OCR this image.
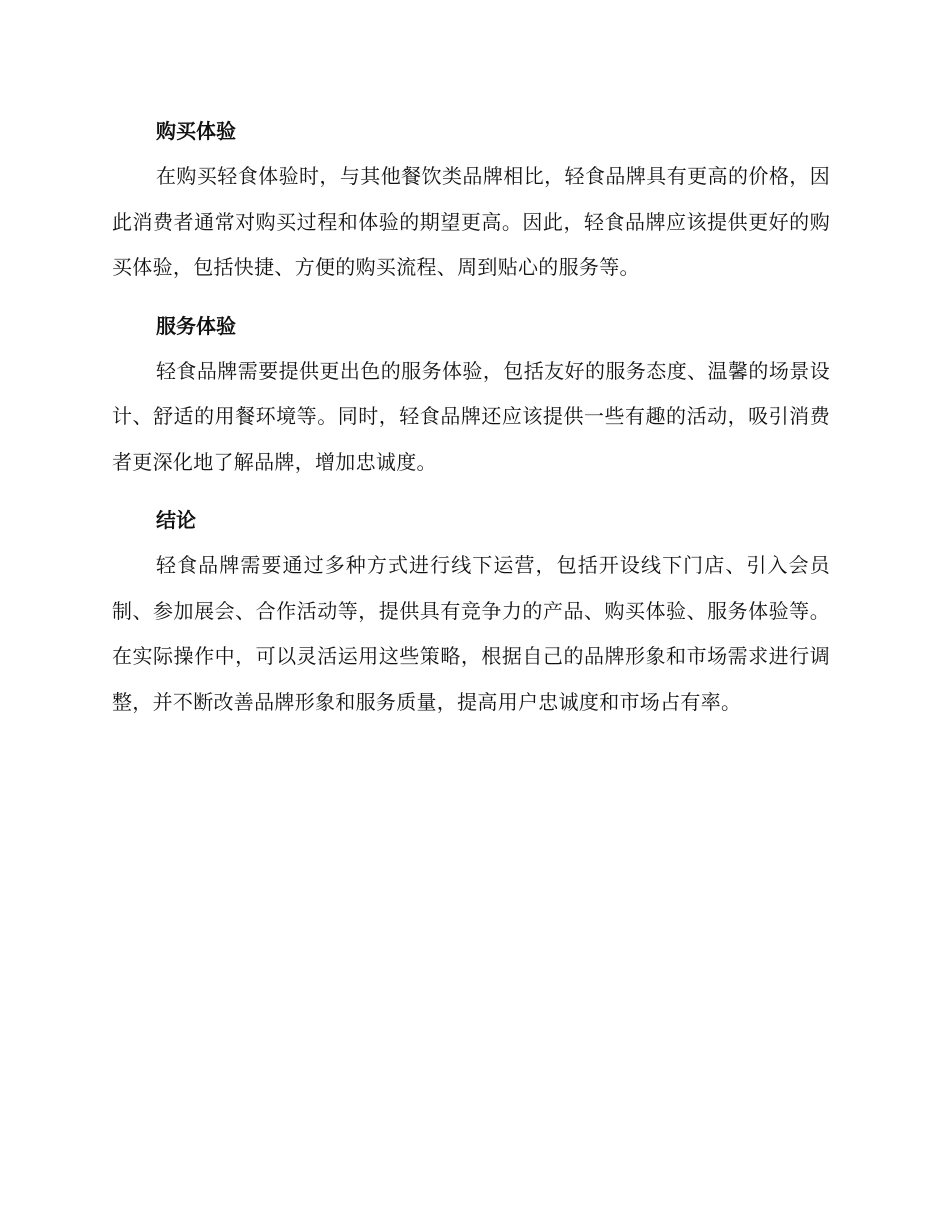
购买体验

在购买轻食体验时，与其他餐饮类品牌相比，轻食品牌具有更高的价格，因此消费者通常对购买过程和体验的期望更高。因此，轻食品牌应该提供更好的购买体验，包括快捷、方便的购买流程、周到贴心的服务等。

服务体验

轻食品牌需要提供更出色的服务体验，包括友好的服务态度、温馨的场景设计、舒适的用餐环境等。同时，轻食品牌还应该提供一些有趣的活动，吸引消费者更深化地了解品牌，增加忠诚度。

结论

轻食品牌需要通过多种方式进行线下运营，包括开设线下门店、引入会员制、参加展会、合作活动等，提供具有竞争力的产品、购买体验、服务体验等。在实际操作中，可以灵活运用这些策略，根据自己的品牌形象和市场需求进行调整，并不断改善品牌形象和服务质量，提高用户忠诚度和市场占有率。
